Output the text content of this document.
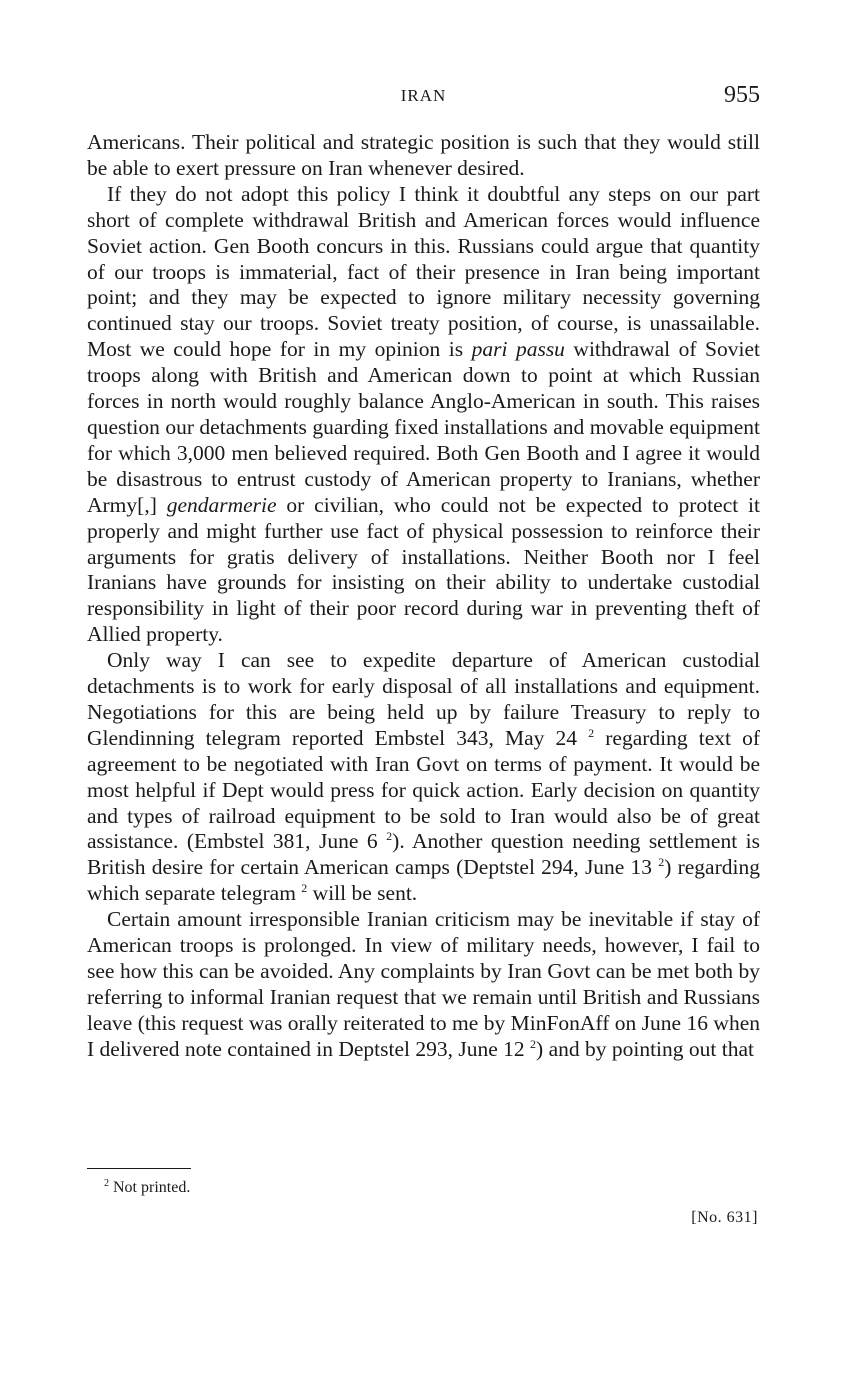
IRAN	955

Americans. Their political and strategic position is such that they would still be able to exert pressure on Iran whenever desired.

If they do not adopt this policy I think it doubtful any steps on our part short of complete withdrawal British and American forces would influence Soviet action. Gen Booth concurs in this. Russians could argue that quantity of our troops is immaterial, fact of their presence in Iran being important point; and they may be expected to ignore military necessity governing continued stay our troops. Soviet treaty position, of course, is unassailable. Most we could hope for in my opinion is pari passu withdrawal of Soviet troops along with British and American down to point at which Russian forces in north would roughly balance Anglo-American in south. This raises question our detachments guarding fixed installations and movable equipment for which 3,000 men believed required. Both Gen Booth and I agree it would be disastrous to entrust custody of American property to Iranians, whether Army[,] gendarmerie or civilian, who could not be expected to protect it properly and might further use fact of physical possession to reinforce their arguments for gratis delivery of installations. Neither Booth nor I feel Iranians have grounds for insisting on their ability to undertake custodial responsibility in light of their poor record during war in preventing theft of Allied property.

Only way I can see to expedite departure of American custodial detachments is to work for early disposal of all installations and equipment. Negotiations for this are being held up by failure Treasury to reply to Glendinning telegram reported Embstel 343, May 24 $^2$ regarding text of agreement to be negotiated with Iran Govt on terms of payment. It would be most helpful if Dept would press for quick action. Early decision on quantity and types of railroad equipment to be sold to Iran would also be of great assistance. (Embstel 381, June 6 $^2$). Another question needing settlement is British desire for certain American camps (Deptstel 294, June 13 $^2$) regarding which separate telegram $^2$ will be sent.

Certain amount irresponsible Iranian criticism may be inevitable if stay of American troops is prolonged. In view of military needs, however, I fail to see how this can be avoided. Any complaints by Iran Govt can be met both by referring to informal Iranian request that we remain until British and Russians leave (this request was orally reiterated to me by MinFonAff on June 16 when I delivered note contained in Deptstel 293, June 12 $^2$) and by pointing out that

$^2$ Not printed.
[No. 631]
